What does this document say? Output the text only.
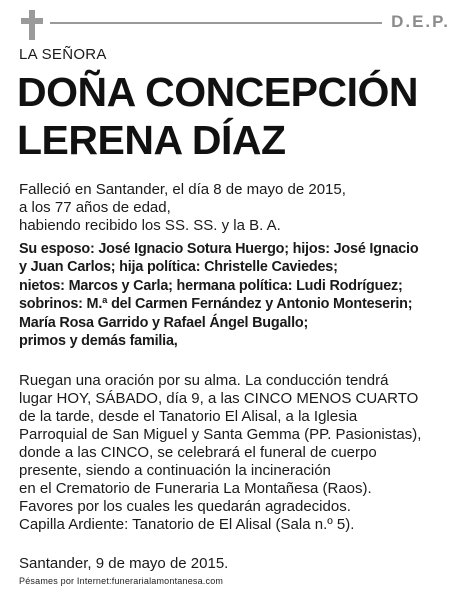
D.E.P.
LA SEÑORA
DOÑA CONCEPCIÓN
LERENA DÍAZ
Falleció en Santander, el día 8 de mayo de 2015,
a los 77 años de edad,
habiendo recibido los SS. SS. y la B. A.
Su esposo: José Ignacio Sotura Huergo; hijos: José Ignacio
y Juan Carlos; hija política: Christelle Caviedes;
nietos: Marcos y Carla; hermana política: Ludi Rodríguez;
sobrinos: M.ª del Carmen Fernández y Antonio Monteserin;
María Rosa Garrido y Rafael Ángel Bugallo;
primos y demás familia,
Ruegan una oración por su alma. La conducción tendrá
lugar HOY, SÁBADO, día 9, a las CINCO MENOS CUARTO
de la tarde, desde el Tanatorio El Alisal, a la Iglesia
Parroquial de San Miguel y Santa Gemma (PP. Pasionistas),
donde a las CINCO, se celebrará el funeral de cuerpo
presente, siendo a continuación la incineración
en el Crematorio de Funeraria La Montañesa (Raos).
Favores por los cuales les quedarán agradecidos.
Capilla Ardiente: Tanatorio de El Alisal (Sala n.º 5).
Santander, 9 de mayo de 2015.
Pésames por Internet:funerarialamontanesa.com
